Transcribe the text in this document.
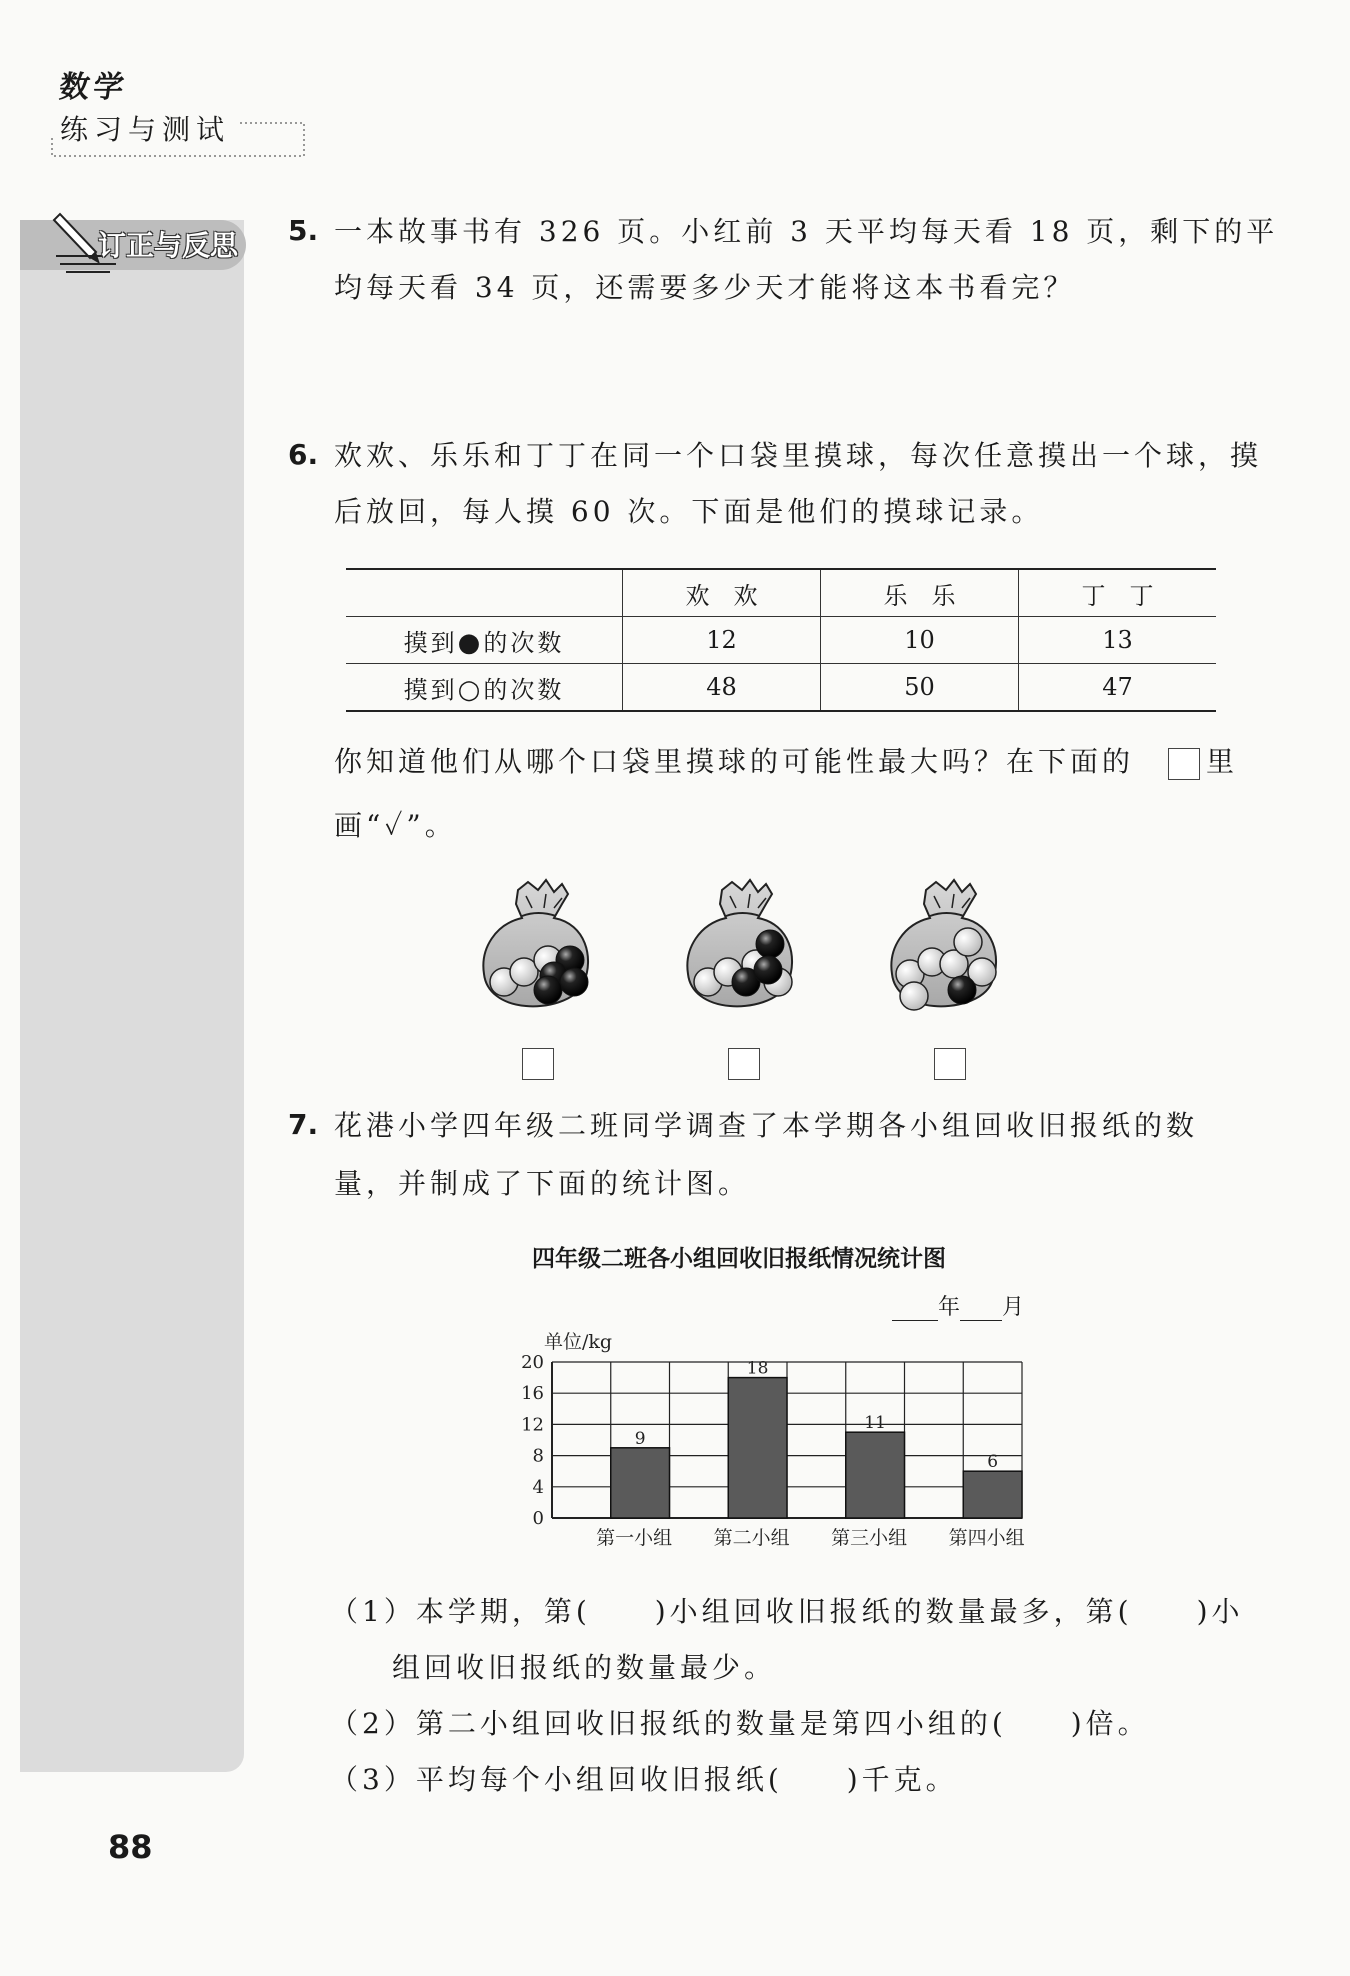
数学
练习与测试
订正与反思 5. 一本故事书有 326 页。小红前 3 天平均每天看 18 页，剩下的平
均每天看 34 页，还需要多少天才能将这本书看完？
6. 欢欢、乐乐和丁丁在同一个口袋里摸球，每次任意摸出一个球，摸
后放回，每人摸 60 次。下面是他们的摸球记录。
	欢　欢	乐　乐	丁　丁
摸到●的次数	12	10	13
摸到○的次数	48	50	47
你知道他们从哪个口袋里摸球的可能性最大吗？在下面的	里
画“✓”。
7. 花港小学四年级二班同学调查了本学期各小组回收旧报纸的数
量，并制成了下面的统计图。
四年级二班各小组回收旧报纸情况统计图
年 月
0
4
8
12
16
20
单位/kg
9
第一小组
18
第二小组
11
第三小组
6
第四小组
（1）本学期，第(　　)小组回收旧报纸的数量最多，第(　　)小
组回收旧报纸的数量最少。
（2）第二小组回收旧报纸的数量是第四小组的(　　)倍。
（3）平均每个小组回收旧报纸(　　)千克。
88
